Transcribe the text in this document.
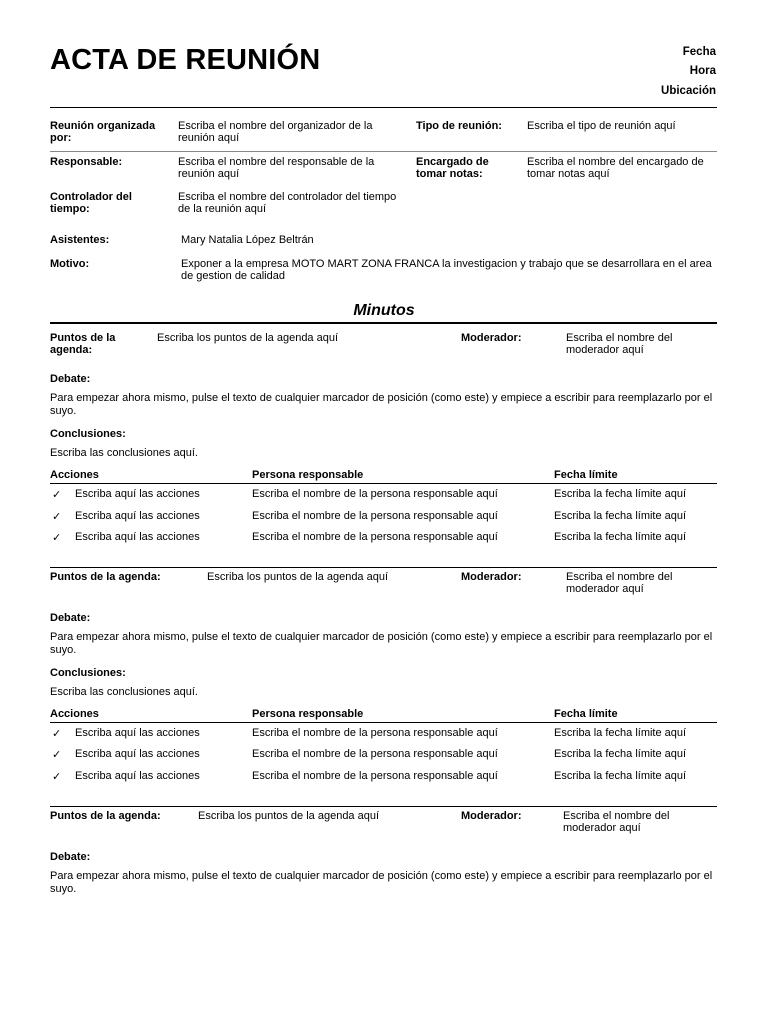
ACTA DE REUNIÓN	Fecha
Hora
Ubicación
Reunión organizada por:
Escriba el nombre del organizador de la reunión aquí
Tipo de reunión:	Escriba el tipo de reunión aquí
Responsable:	Escriba el nombre del responsable de la reunión aquí
Encargado de tomar notas:
Escriba el nombre del encargado de tomar notas aquí
Controlador del tiempo:
Escriba el nombre del controlador del tiempo de la reunión aquí
Asistentes:	Mary Natalia López Beltrán
Motivo:	Exponer a la empresa MOTO MART ZONA FRANCA la investigacion y trabajo que se desarrollara en el area de gestion de calidad
Minutos
Puntos de la agenda:
Escriba los puntos de la agenda aquí	Moderador:	Escriba el nombre del moderador aquí
Debate:
Para empezar ahora mismo, pulse el texto de cualquier marcador de posición (como este) y empiece a escribir para reemplazarlo por el suyo.
Conclusiones:
Escriba las conclusiones aquí.
Acciones	Persona responsable	Fecha límite
✓ Escriba aquí las acciones	Escriba el nombre de la persona responsable aquí	Escriba la fecha límite aquí
✓ Escriba aquí las acciones	Escriba el nombre de la persona responsable aquí	Escriba la fecha límite aquí
✓ Escriba aquí las acciones	Escriba el nombre de la persona responsable aquí	Escriba la fecha límite aquí
Puntos de la agenda:	Escriba los puntos de la agenda aquí	Moderador:	Escriba el nombre del moderador aquí
Debate:
Para empezar ahora mismo, pulse el texto de cualquier marcador de posición (como este) y empiece a escribir para reemplazarlo por el suyo.
Conclusiones:
Escriba las conclusiones aquí.
Acciones	Persona responsable	Fecha límite
✓ Escriba aquí las acciones	Escriba el nombre de la persona responsable aquí	Escriba la fecha límite aquí
✓ Escriba aquí las acciones	Escriba el nombre de la persona responsable aquí	Escriba la fecha límite aquí
✓ Escriba aquí las acciones	Escriba el nombre de la persona responsable aquí	Escriba la fecha límite aquí
Puntos de la agenda:	Escriba los puntos de la agenda aquí	Moderador:	Escriba el nombre del moderador aquí
Debate:
Para empezar ahora mismo, pulse el texto de cualquier marcador de posición (como este) y empiece a escribir para reemplazarlo por el suyo.
